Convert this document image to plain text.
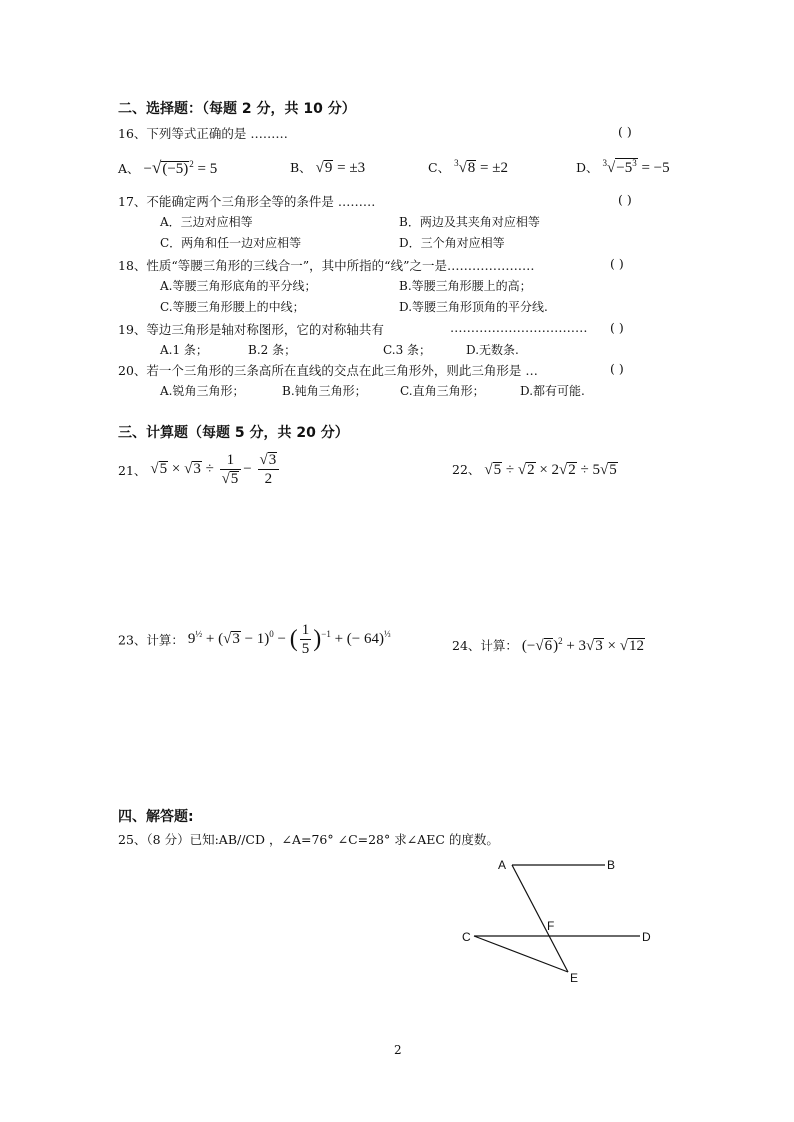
二、选择题：（每题 2 分，共 10 分）
16、下列等式正确的是 ………	( )
A、 $-√(-5)^2 = 5$	B、 √9 = ±3	C、 $^3$√8 = ±2	D、 $^3√-5^3 = -5$
17、不能确定两个三角形全等的条件是 ………	( )
A．三边对应相等	B．两边及其夹角对应相等
C．两角和任一边对应相等	D．三个角对应相等
18、性质“等腰三角形的三线合一”，其中所指的“线”之一是…………………	( )
A.等腰三角形底角的平分线；	B.等腰三角形腰上的高；
C.等腰三角形腰上的中线；	D.等腰三角形顶角的平分线.
19、等边三角形是轴对称图形，它的对称轴共有	…………………………… ( )
A.1 条；	B.2 条；	C.3 条；	D.无数条.
20、若一个三角形的三条高所在直线的交点在此三角形外，则此三角形是 …	( )
A.锐角三角形；	B.钝角三角形；	C.直角三角形；	D.都有可能.
三、计算题（每题 5 分，共 20 分）
21、 $√5 \times √3 \div \frac{1}{√5} - \frac{√3}{2}$	22、 √5 ÷ √2 × 2√2 ÷ 5√5
23、计算： $9^{\frac{1}{2}} + (√3 - 1)^0$ − ( $\frac{1}{5} )^{-1}$ + (− 64)$^{\frac{1}{3}}$
24、计算： $(-√6)^2 + 3√3 \times √12$
四、解答题:
25、（8 分）已知:AB//CD ，∠A=76° ∠C=28° 求∠AEC 的度数。
A	B
C	D
F
E
2
